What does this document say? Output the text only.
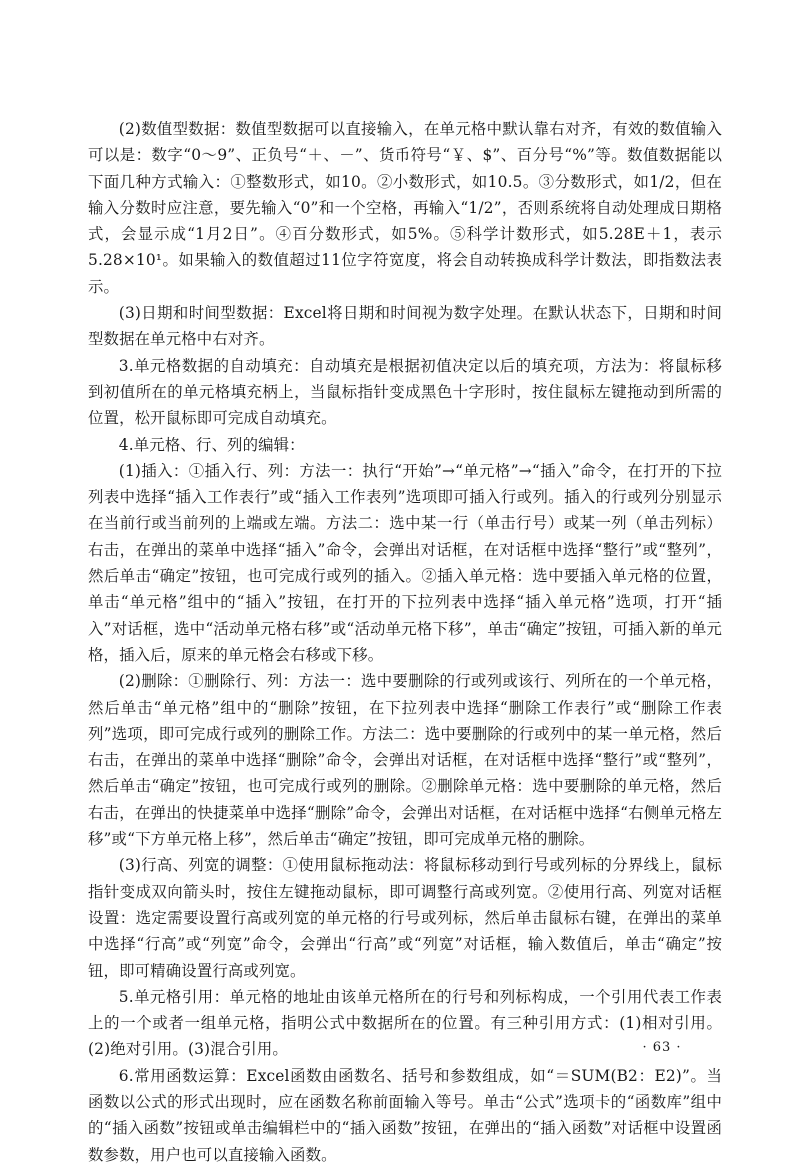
(2)数值型数据：数值型数据可以直接输入，在单元格中默认靠右对齐，有效的数值输入可以是：数字“0～9”、正负号“＋、－”、货币符号“￥、$”、百分号“%”等。数值数据能以下面几种方式输入：①整数形式，如10。②小数形式，如10.5。③分数形式，如1/2，但在输入分数时应注意，要先输入“0”和一个空格，再输入“1/2”，否则系统将自动处理成日期格式，会显示成“1月2日”。④百分数形式，如5%。⑤科学计数形式，如5.28E＋1，表示5.28×10¹。如果输入的数值超过11位字符宽度，将会自动转换成科学计数法，即指数法表示。

(3)日期和时间型数据：Excel将日期和时间视为数字处理。在默认状态下，日期和时间型数据在单元格中右对齐。

3.单元格数据的自动填充：自动填充是根据初值决定以后的填充项，方法为：将鼠标移到初值所在的单元格填充柄上，当鼠标指针变成黑色十字形时，按住鼠标左键拖动到所需的位置，松开鼠标即可完成自动填充。

4.单元格、行、列的编辑：

(1)插入：①插入行、列：方法一：执行“开始”→“单元格”→“插入”命令，在打开的下拉列表中选择“插入工作表行”或“插入工作表列”选项即可插入行或列。插入的行或列分别显示在当前行或当前列的上端或左端。方法二：选中某一行（单击行号）或某一列（单击列标）右击，在弹出的菜单中选择“插入”命令，会弹出对话框，在对话框中选择“整行”或“整列”，然后单击“确定”按钮，也可完成行或列的插入。②插入单元格：选中要插入单元格的位置，单击“单元格”组中的“插入”按钮，在打开的下拉列表中选择“插入单元格”选项，打开“插入”对话框，选中“活动单元格右移”或“活动单元格下移”，单击“确定”按钮，可插入新的单元格，插入后，原来的单元格会右移或下移。

(2)删除：①删除行、列：方法一：选中要删除的行或列或该行、列所在的一个单元格，然后单击“单元格”组中的“删除”按钮，在下拉列表中选择“删除工作表行”或“删除工作表列”选项，即可完成行或列的删除工作。方法二：选中要删除的行或列中的某一单元格，然后右击，在弹出的菜单中选择“删除”命令，会弹出对话框，在对话框中选择“整行”或“整列”，然后单击“确定”按钮，也可完成行或列的删除。②删除单元格：选中要删除的单元格，然后右击，在弹出的快捷菜单中选择“删除”命令，会弹出对话框，在对话框中选择“右侧单元格左移”或“下方单元格上移”，然后单击“确定”按钮，即可完成单元格的删除。

(3)行高、列宽的调整：①使用鼠标拖动法：将鼠标移动到行号或列标的分界线上，鼠标指针变成双向箭头时，按住左键拖动鼠标，即可调整行高或列宽。②使用行高、列宽对话框设置：选定需要设置行高或列宽的单元格的行号或列标，然后单击鼠标右键，在弹出的菜单中选择“行高”或“列宽”命令，会弹出“行高”或“列宽”对话框，输入数值后，单击“确定”按钮，即可精确设置行高或列宽。

5.单元格引用：单元格的地址由该单元格所在的行号和列标构成，一个引用代表工作表上的一个或者一组单元格，指明公式中数据所在的位置。有三种引用方式：(1)相对引用。(2)绝对引用。(3)混合引用。

6.常用函数运算：Excel函数由函数名、括号和参数组成，如“＝SUM(B2：E2)”。当函数以公式的形式出现时，应在函数名称前面输入等号。单击“公式”选项卡的“函数库”组中的“插入函数”按钮或单击编辑栏中的“插入函数”按钮，在弹出的“插入函数”对话框中设置函数参数，用户也可以直接输入函数。

· 63 ·
